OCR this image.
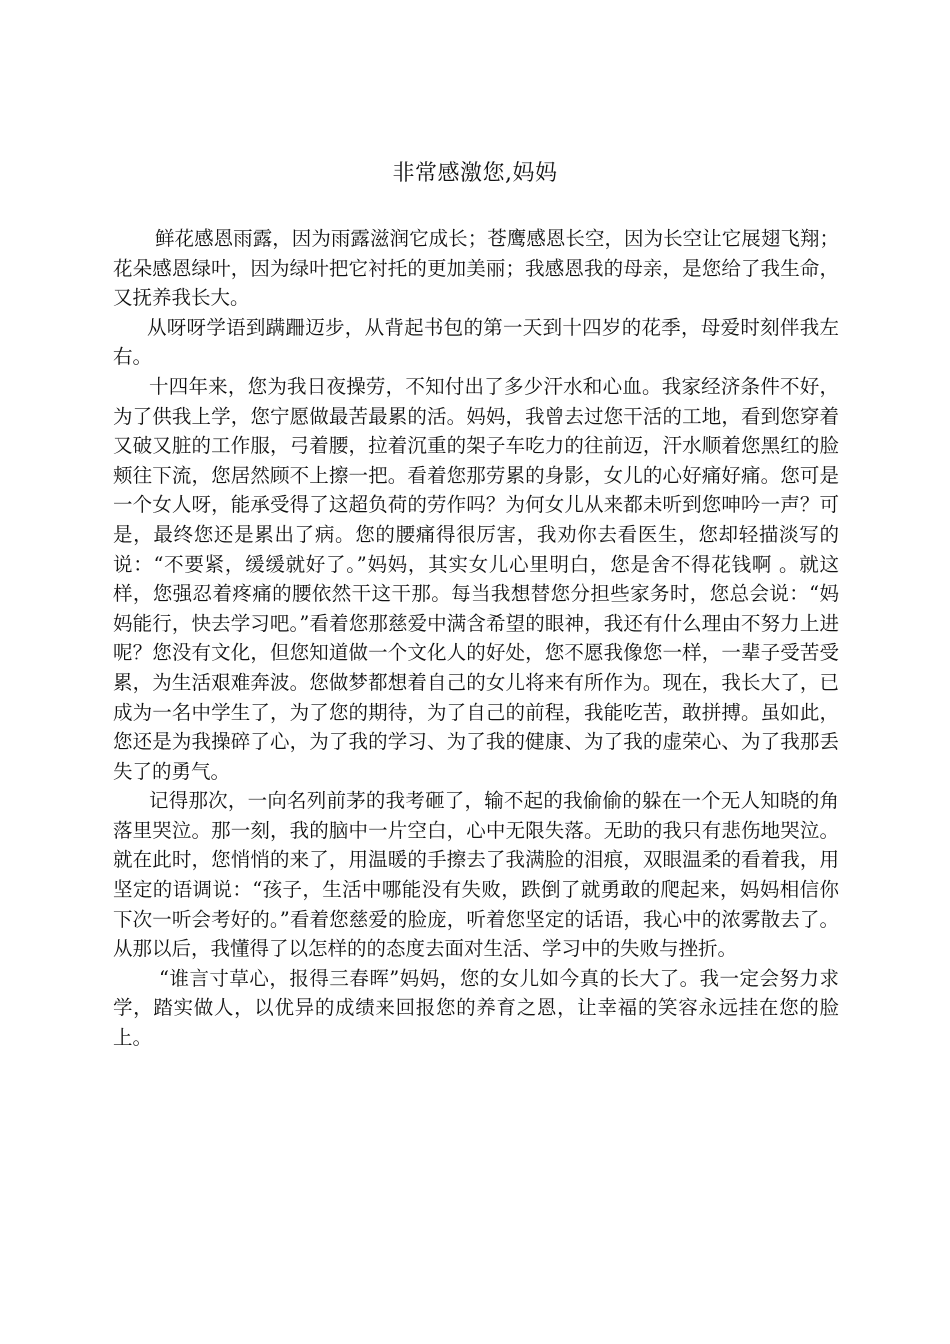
非常感激您,妈妈

鲜花感恩雨露，因为雨露滋润它成长；苍鹰感恩长空，因为长空让它展翅飞翔；花朵感恩绿叶，因为绿叶把它衬托的更加美丽；我感恩我的母亲，是您给了我生命，又抚养我长大。

从呀呀学语到蹒跚迈步，从背起书包的第一天到十四岁的花季，母爱时刻伴我左右。

十四年来，您为我日夜操劳，不知付出了多少汗水和心血。我家经济条件不好，为了供我上学，您宁愿做最苦最累的活。妈妈，我曾去过您干活的工地，看到您穿着又破又脏的工作服，弓着腰，拉着沉重的架子车吃力的往前迈，汗水顺着您黑红的脸颊往下流，您居然顾不上擦一把。看着您那劳累的身影，女儿的心好痛好痛。您可是一个女人呀，能承受得了这超负荷的劳作吗？为何女儿从来都未听到您呻吟一声？可是，最终您还是累出了病。您的腰痛得很厉害，我劝你去看医生，您却轻描淡写的说：“不要紧，缓缓就好了。”妈妈，其实女儿心里明白，您是舍不得花钱啊 。就这样，您强忍着疼痛的腰依然干这干那。每当我想替您分担些家务时，您总会说：“妈妈能行，快去学习吧。”看着您那慈爱中满含希望的眼神，我还有什么理由不努力上进呢？您没有文化，但您知道做一个文化人的好处，您不愿我像您一样，一辈子受苦受累，为生活艰难奔波。您做梦都想着自己的女儿将来有所作为。现在，我长大了，已成为一名中学生了，为了您的期待，为了自己的前程，我能吃苦，敢拼搏。虽如此，您还是为我操碎了心，为了我的学习、为了我的健康、为了我的虚荣心、为了我那丢失了的勇气。

记得那次，一向名列前茅的我考砸了，输不起的我偷偷的躲在一个无人知晓的角落里哭泣。那一刻，我的脑中一片空白，心中无限失落。无助的我只有悲伤地哭泣。就在此时，您悄悄的来了，用温暖的手擦去了我满脸的泪痕，双眼温柔的看着我，用坚定的语调说：“孩子，生活中哪能没有失败，跌倒了就勇敢的爬起来，妈妈相信你下次一听会考好的。”看着您慈爱的脸庞，听着您坚定的话语，我心中的浓雾散去了。从那以后，我懂得了以怎样的的态度去面对生活、学习中的失败与挫折。

“谁言寸草心，报得三春晖”妈妈，您的女儿如今真的长大了。我一定会努力求学，踏实做人，以优异的成绩来回报您的养育之恩，让幸福的笑容永远挂在您的脸上。
